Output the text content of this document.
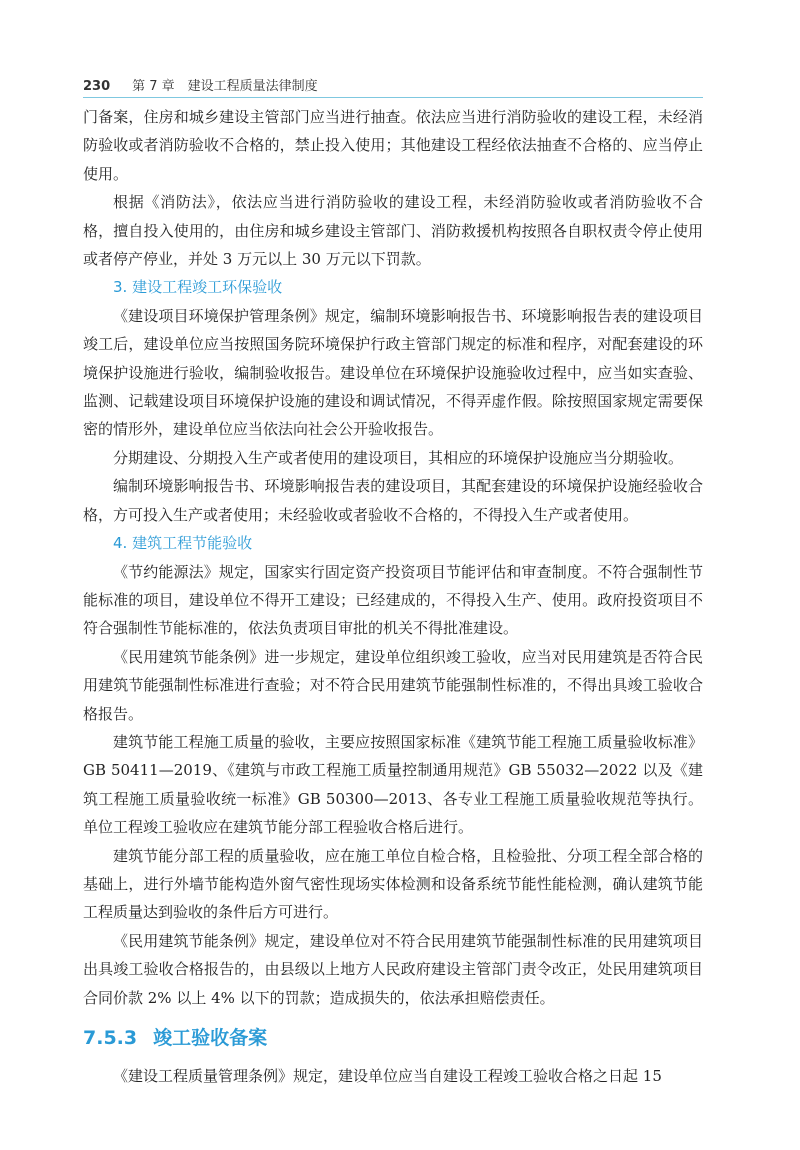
230 第 7 章　建设工程质量法律制度

门备案，住房和城乡建设主管部门应当进行抽查。依法应当进行消防验收的建设工程，未经消防验收或者消防验收不合格的，禁止投入使用；其他建设工程经依法抽查不合格的、应当停止使用。

根据《消防法》，依法应当进行消防验收的建设工程，未经消防验收或者消防验收不合格，擅自投入使用的，由住房和城乡建设主管部门、消防救援机构按照各自职权责令停止使用或者停产停业，并处 3 万元以上 30 万元以下罚款。

3. 建设工程竣工环保验收

《建设项目环境保护管理条例》规定，编制环境影响报告书、环境影响报告表的建设项目竣工后，建设单位应当按照国务院环境保护行政主管部门规定的标准和程序，对配套建设的环境保护设施进行验收，编制验收报告。建设单位在环境保护设施验收过程中，应当如实查验、监测、记载建设项目环境保护设施的建设和调试情况，不得弄虚作假。除按照国家规定需要保密的情形外，建设单位应当依法向社会公开验收报告。

分期建设、分期投入生产或者使用的建设项目，其相应的环境保护设施应当分期验收。

编制环境影响报告书、环境影响报告表的建设项目，其配套建设的环境保护设施经验收合格，方可投入生产或者使用；未经验收或者验收不合格的，不得投入生产或者使用。

4. 建筑工程节能验收

《节约能源法》规定，国家实行固定资产投资项目节能评估和审查制度。不符合强制性节能标准的项目，建设单位不得开工建设；已经建成的，不得投入生产、使用。政府投资项目不符合强制性节能标准的，依法负责项目审批的机关不得批准建设。

《民用建筑节能条例》进一步规定，建设单位组织竣工验收，应当对民用建筑是否符合民用建筑节能强制性标准进行查验；对不符合民用建筑节能强制性标准的，不得出具竣工验收合格报告。

建筑节能工程施工质量的验收，主要应按照国家标准《建筑节能工程施工质量验收标准》GB 50411—2019、《建筑与市政工程施工质量控制通用规范》GB 55032—2022 以及《建筑工程施工质量验收统一标准》GB 50300—2013、各专业工程施工质量验收规范等执行。单位工程竣工验收应在建筑节能分部工程验收合格后进行。

建筑节能分部工程的质量验收，应在施工单位自检合格，且检验批、分项工程全部合格的基础上，进行外墙节能构造外窗气密性现场实体检测和设备系统节能性能检测，确认建筑节能工程质量达到验收的条件后方可进行。

《民用建筑节能条例》规定，建设单位对不符合民用建筑节能强制性标准的民用建筑项目出具竣工验收合格报告的，由县级以上地方人民政府建设主管部门责令改正，处民用建筑项目合同价款 2% 以上 4% 以下的罚款；造成损失的，依法承担赔偿责任。

7.5.3 竣工验收备案

《建设工程质量管理条例》规定，建设单位应当自建设工程竣工验收合格之日起 15
